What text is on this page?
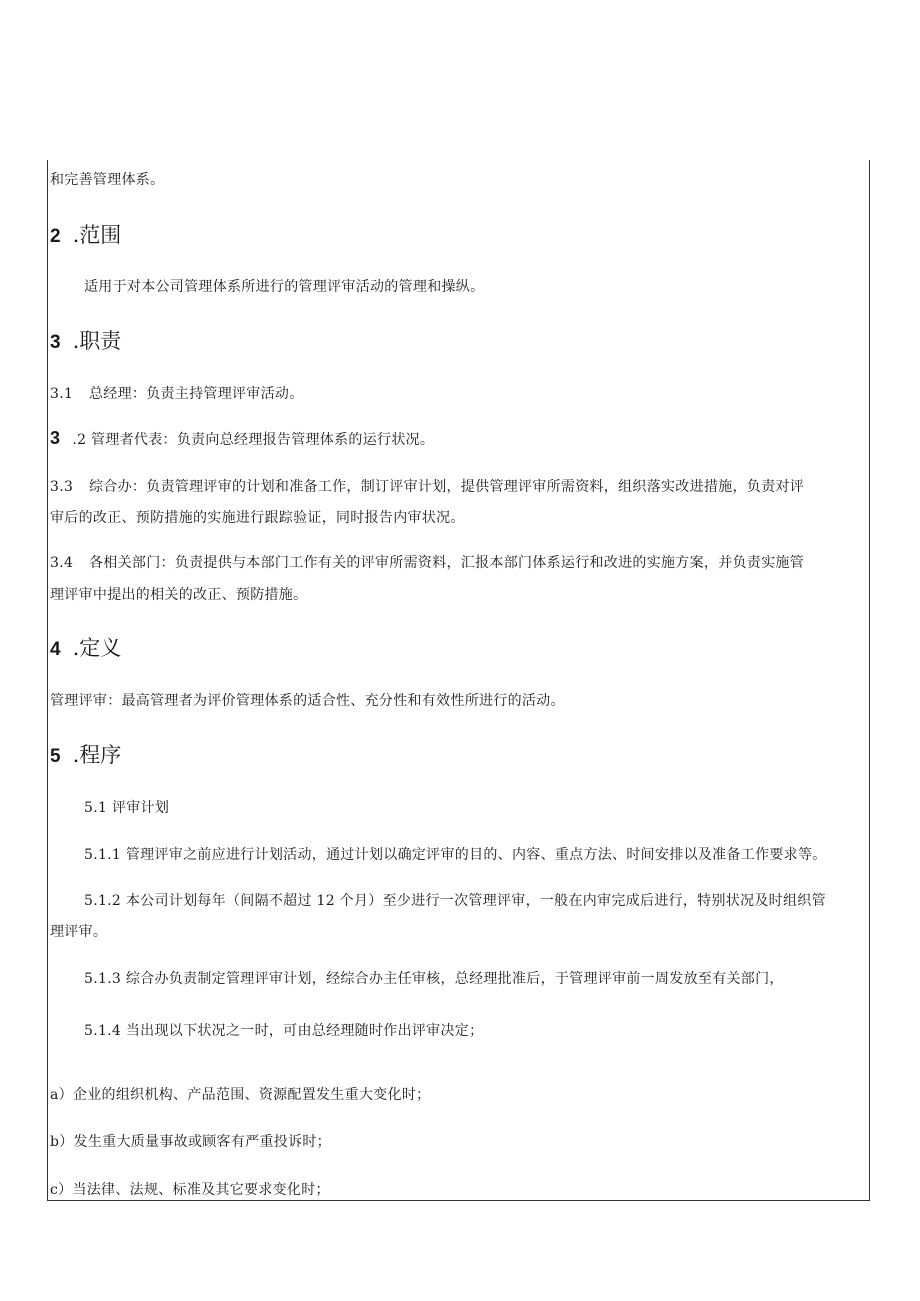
和完善管理体系。
2 .范围
适用于对本公司管理体系所进行的管理评审活动的管理和操纵。
3 .职责
3.1 总经理：负责主持管理评审活动。
3 .2 管理者代表：负责向总经理报告管理体系的运行状况。
3.3 综合办：负责管理评审的计划和准备工作，制订评审计划，提供管理评审所需资料，组织落实改进措施，负责对评
审后的改正、预防措施的实施进行跟踪验证，同时报告内审状况。
3.4 各相关部门：负责提供与本部门工作有关的评审所需资料，汇报本部门体系运行和改进的实施方案，并负责实施管
理评审中提出的相关的改正、预防措施。
4 .定义
管理评审：最高管理者为评价管理体系的适合性、充分性和有效性所进行的活动。
5 .程序
5.1 评审计划
5.1.1 管理评审之前应进行计划活动，通过计划以确定评审的目的、内容、重点方法、时间安排以及准备工作要求等。
5.1.2 本公司计划每年（间隔不超过 12 个月）至少进行一次管理评审，一般在内审完成后进行，特别状况及时组织管
理评审。
5.1.3 综合办负责制定管理评审计划，经综合办主任审核，总经理批准后，于管理评审前一周发放至有关部门，
5.1.4 当出现以下状况之一时，可由总经理随时作出评审决定；
a）企业的组织机构、产品范围、资源配置发生重大变化时；
b）发生重大质量事故或顾客有严重投诉时；
c）当法律、法规、标准及其它要求变化时；
